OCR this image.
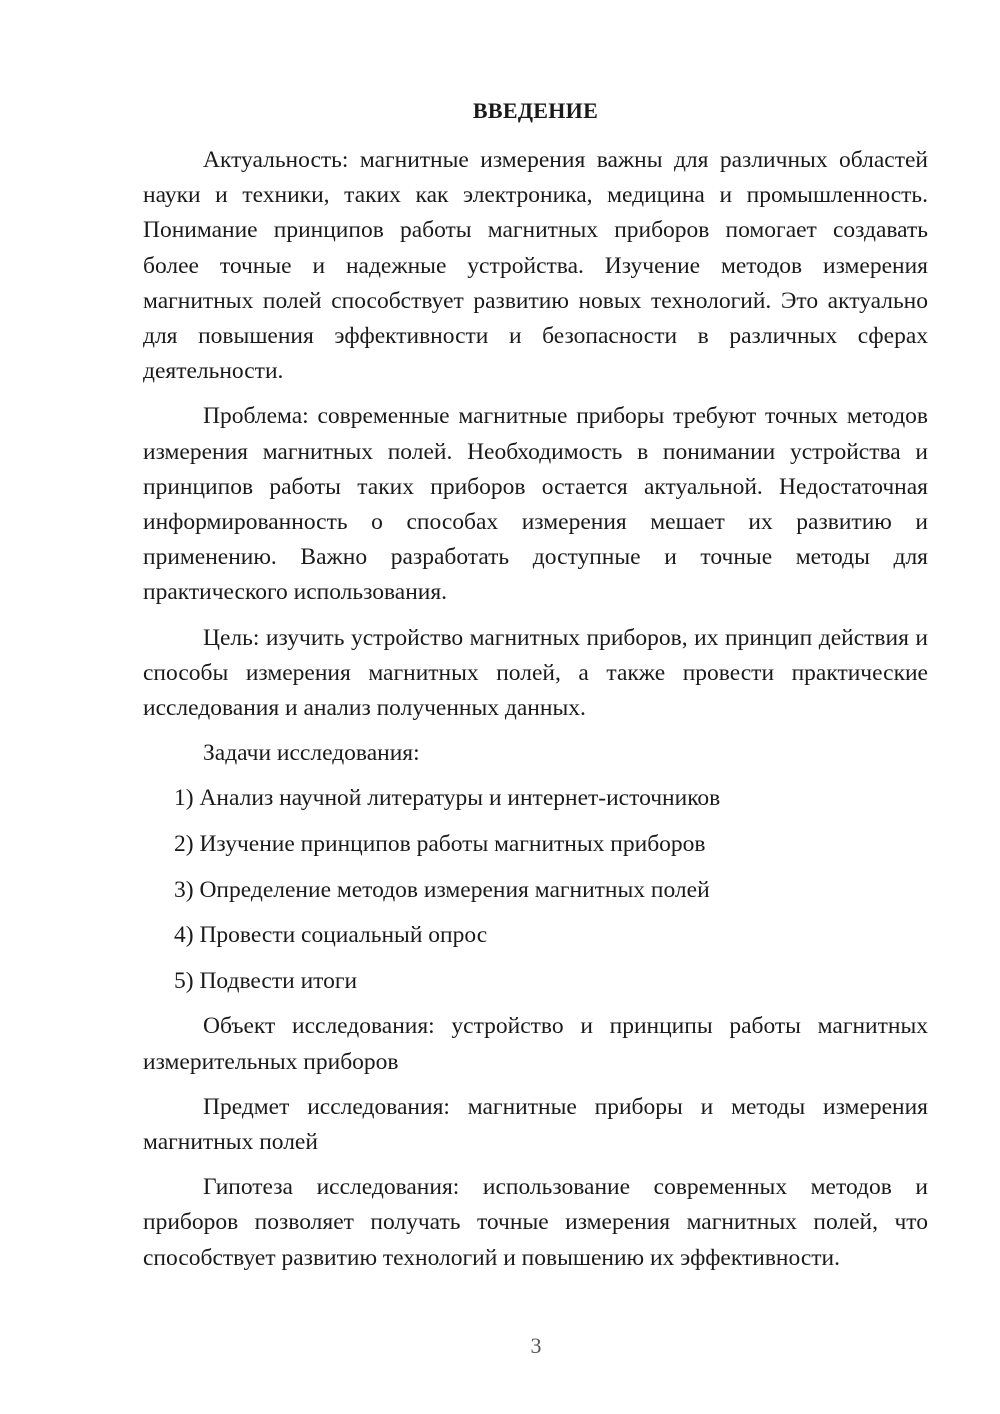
ВВЕДЕНИЕ

Актуальность: магнитные измерения важны для различных областей науки и техники, таких как электроника, медицина и промышленность. Понимание принципов работы магнитных приборов помогает создавать более точные и надежные устройства. Изучение методов измерения магнитных полей способствует развитию новых технологий. Это актуально для повышения эффективности и безопасности в различных сферах деятельности.

Проблема: современные магнитные приборы требуют точных методов измерения магнитных полей. Необходимость в понимании устройства и принципов работы таких приборов остается актуальной. Недостаточная информированность о способах измерения мешает их развитию и применению. Важно разработать доступные и точные методы для практического использования.

Цель: изучить устройство магнитных приборов, их принцип действия и способы измерения магнитных полей, а также провести практические исследования и анализ полученных данных.

Задачи исследования:

1) Анализ научной литературы и интернет-источников
2) Изучение принципов работы магнитных приборов
3) Определение методов измерения магнитных полей
4) Провести социальный опрос
5) Подвести итоги

Объект исследования: устройство и принципы работы магнитных измерительных приборов

Предмет исследования: магнитные приборы и методы измерения магнитных полей

Гипотеза исследования: использование современных методов и приборов позволяет получать точные измерения магнитных полей, что способствует развитию технологий и повышению их эффективности.

3
